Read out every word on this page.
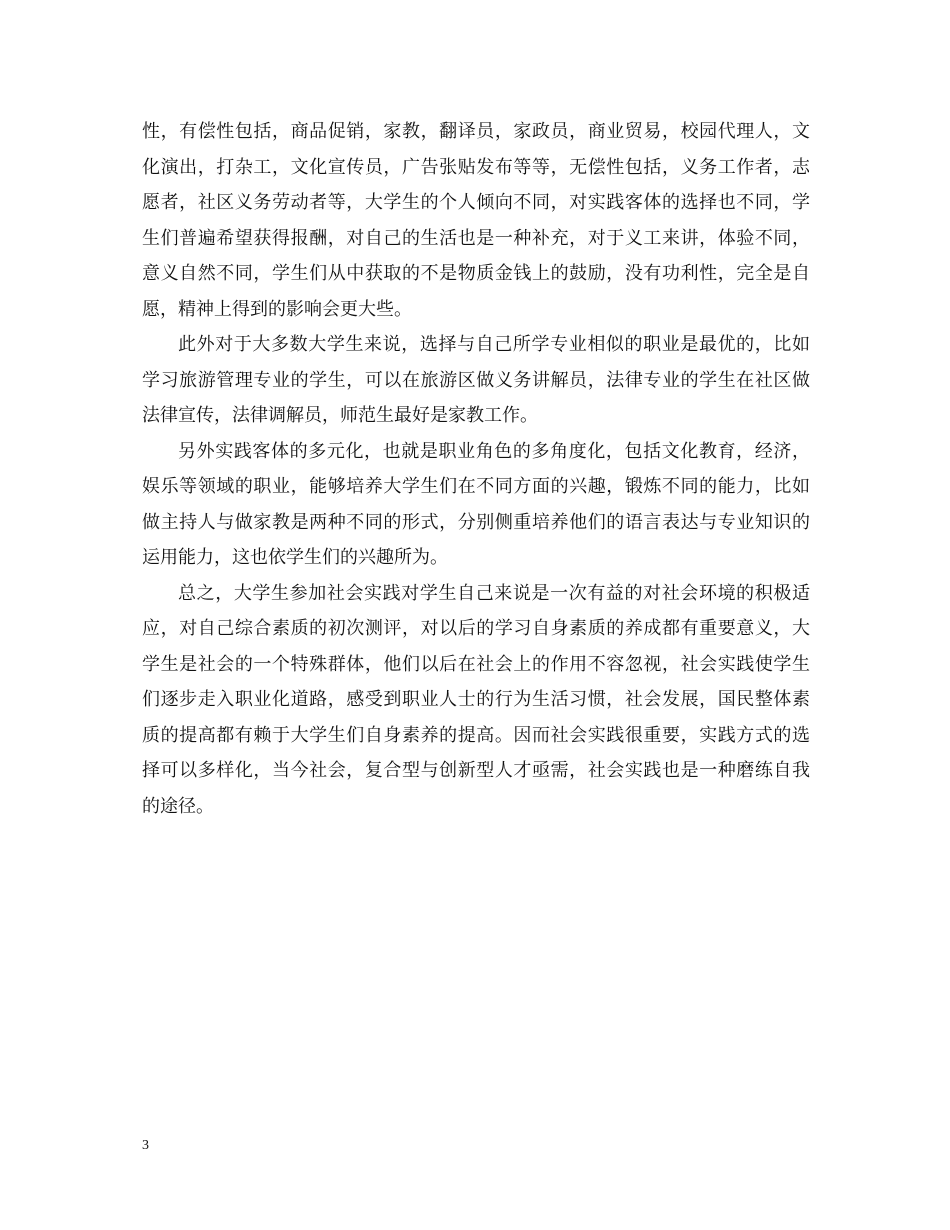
性，有偿性包括，商品促销，家教，翻译员，家政员，商业贸易，校园代理人，文
化演出，打杂工，文化宣传员，广告张贴发布等等，无偿性包括，义务工作者，志
愿者，社区义务劳动者等，大学生的个人倾向不同，对实践客体的选择也不同，学
生们普遍希望获得报酬，对自己的生活也是一种补充，对于义工来讲，体验不同，
意义自然不同，学生们从中获取的不是物质金钱上的鼓励，没有功利性，完全是自
愿，精神上得到的影响会更大些。
此外对于大多数大学生来说，选择与自己所学专业相似的职业是最优的，比如
学习旅游管理专业的学生，可以在旅游区做义务讲解员，法律专业的学生在社区做
法律宣传，法律调解员，师范生最好是家教工作。
另外实践客体的多元化，也就是职业角色的多角度化，包括文化教育，经济，
娱乐等领域的职业，能够培养大学生们在不同方面的兴趣，锻炼不同的能力，比如
做主持人与做家教是两种不同的形式，分别侧重培养他们的语言表达与专业知识的
运用能力，这也依学生们的兴趣所为。
总之，大学生参加社会实践对学生自己来说是一次有益的对社会环境的积极适
应，对自己综合素质的初次测评，对以后的学习自身素质的养成都有重要意义，大
学生是社会的一个特殊群体，他们以后在社会上的作用不容忽视，社会实践使学生
们逐步走入职业化道路，感受到职业人士的行为生活习惯，社会发展，国民整体素
质的提高都有赖于大学生们自身素养的提高。因而社会实践很重要，实践方式的选
择可以多样化，当今社会，复合型与创新型人才亟需，社会实践也是一种磨练自我
的途径。
3
